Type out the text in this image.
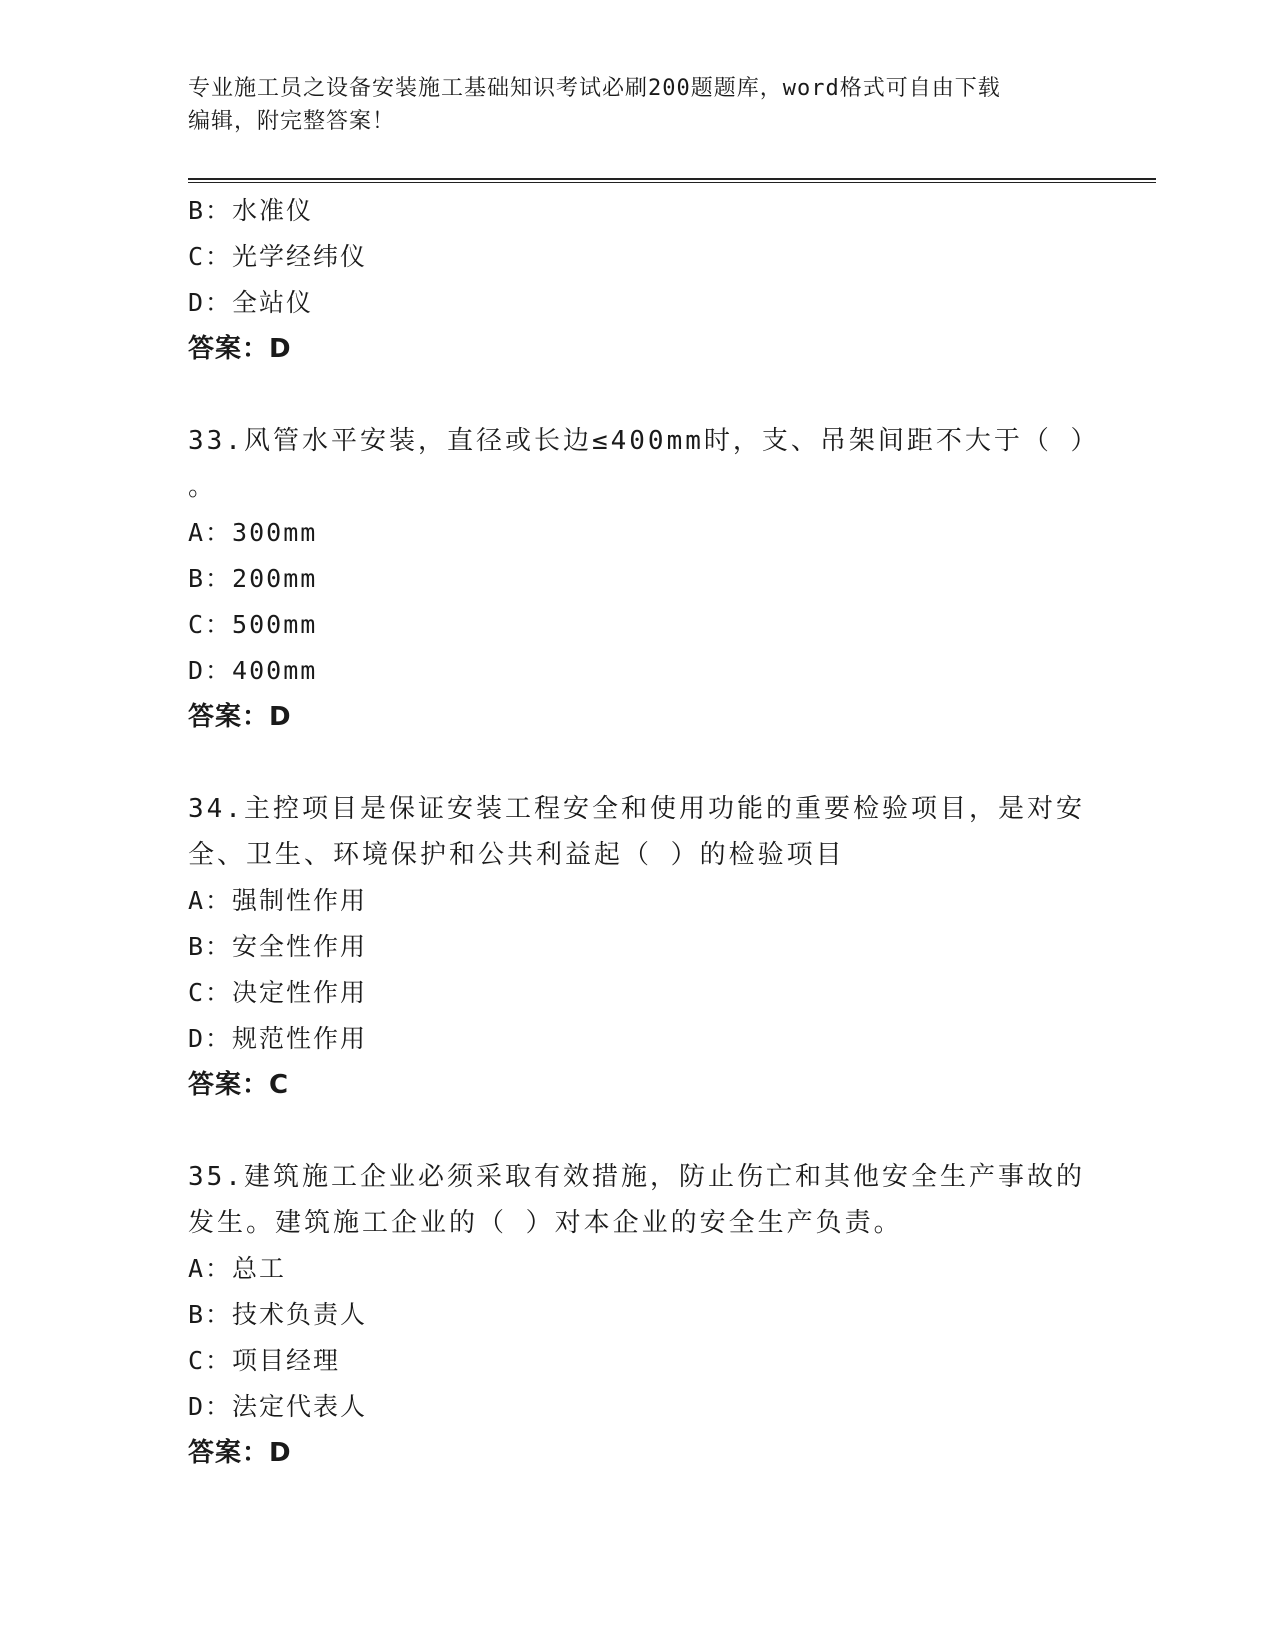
专业施工员之设备安装施工基础知识考试必刷200题题库，word格式可自由下载
编辑，附完整答案！
B：水准仪
C：光学经纬仪
D：全站仪
答案：D
33.风管水平安装，直径或长边≤400mm时，支、吊架间距不大于（ ）
。
A：300mm
B：200mm
C：500mm
D：400mm
答案：D
34.主控项目是保证安装工程安全和使用功能的重要检验项目，是对安
全、卫生、环境保护和公共利益起（ ）的检验项目
A：强制性作用
B：安全性作用
C：决定性作用
D：规范性作用
答案：C
35.建筑施工企业必须采取有效措施，防止伤亡和其他安全生产事故的
发生。建筑施工企业的（ ）对本企业的安全生产负责。
A：总工
B：技术负责人
C：项目经理
D：法定代表人
答案：D
